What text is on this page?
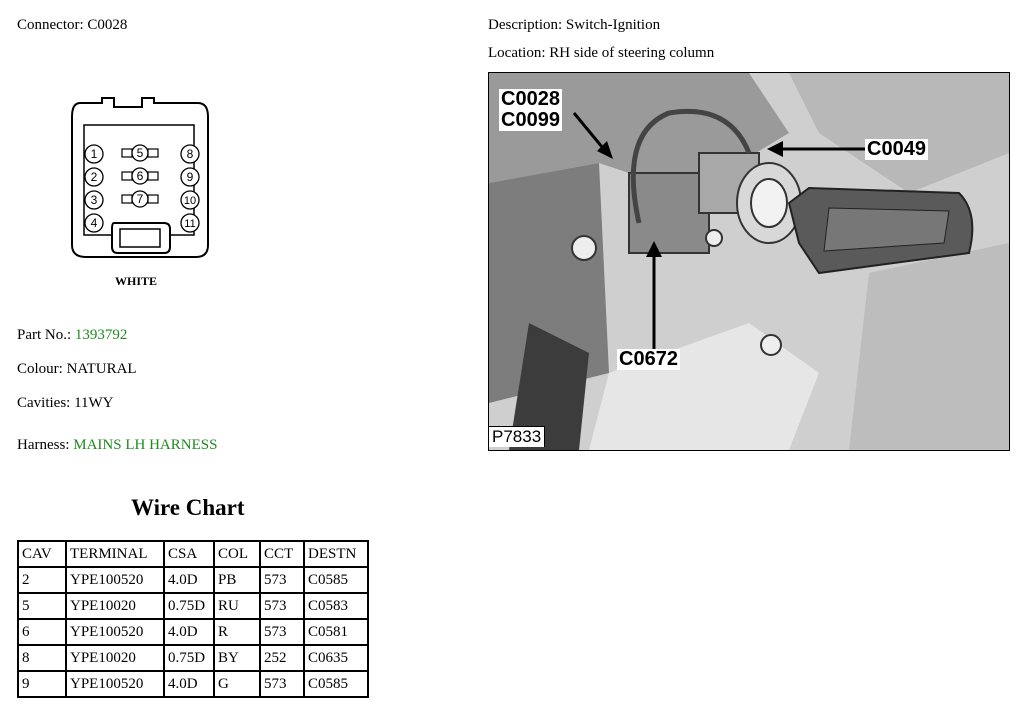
Connector: C0028	Description: Switch-Ignition
Location: RH side of steering column
1
2
3
4
5
6
7
8
9
10
11
WHITE
Part No.: 1393792
Colour: NATURAL
Cavities: 11WY
Harness: MAINS LH HARNESS
Wire Chart
CAV	TERMINAL	CSA	COL	CCT	DESTN
2	YPE100520	4.0D	PB	573	C0585
5	YPE10020	0.75D	RU	573	C0583
6	YPE100520	4.0D	R	573	C0581
8	YPE10020	0.75D	BY	252	C0635
9	YPE100520	4.0D	G	573	C0585
C0028
C0099
C0049
C0672
P7833
